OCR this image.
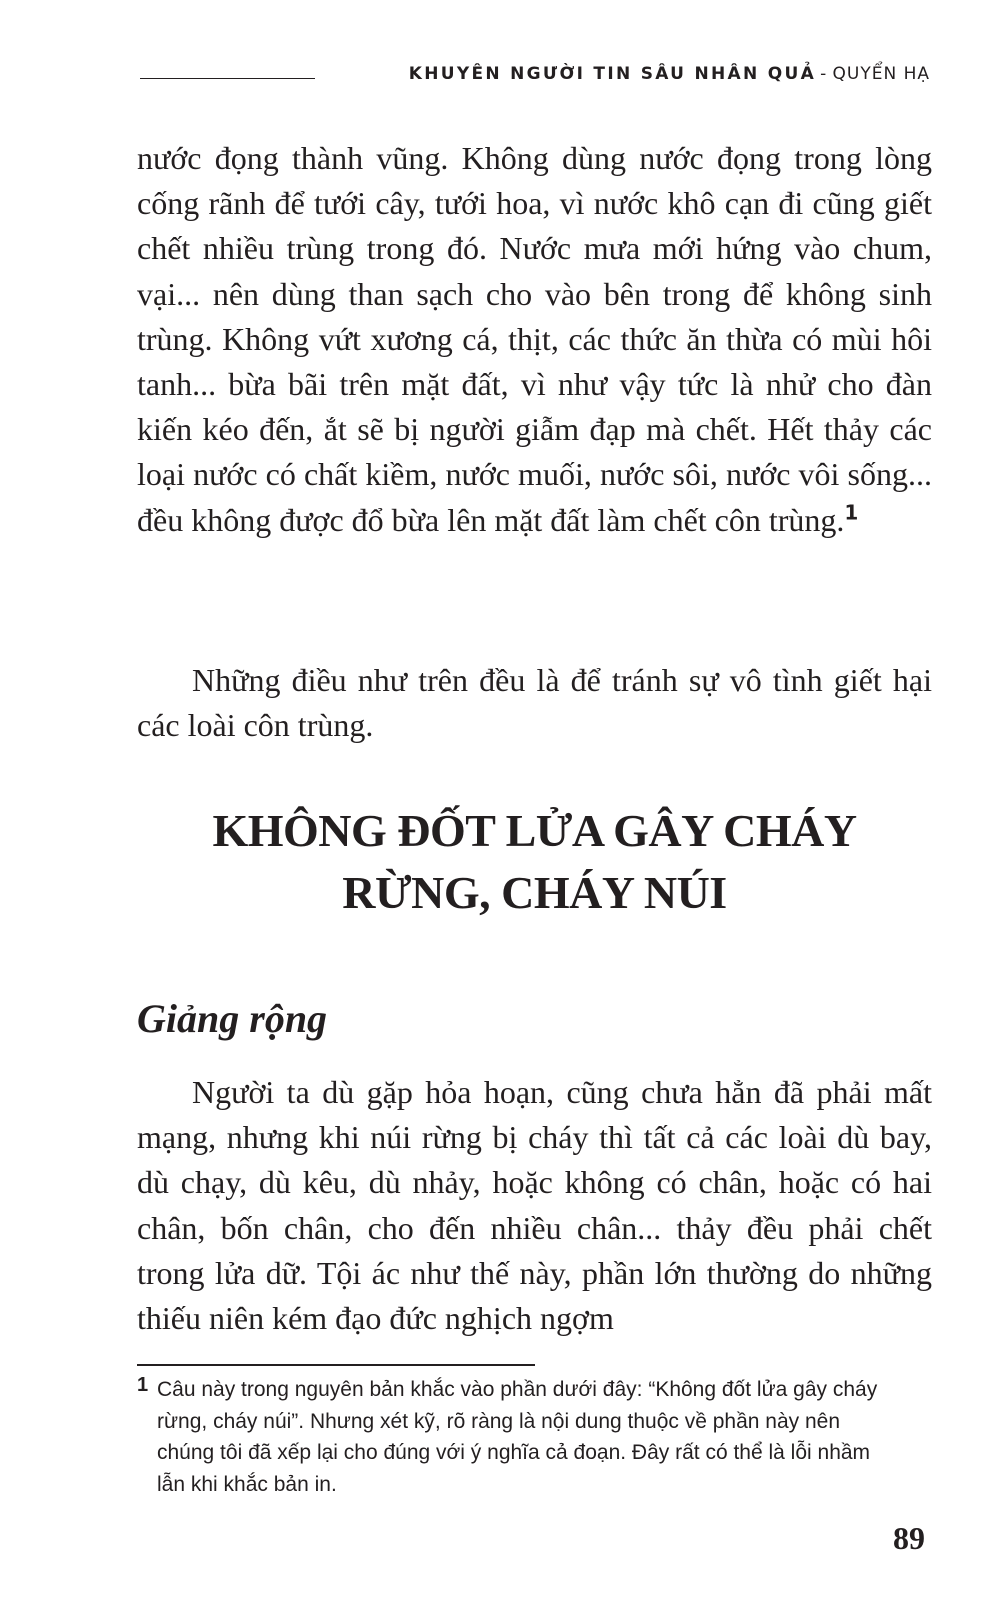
KHUYÊN NGƯỜI TIN SÂU NHÂN QUẢ - QUYỂN HẠ

nước đọng thành vũng. Không dùng nước đọng trong lòng cống rãnh để tưới cây, tưới hoa, vì nước khô cạn đi cũng giết chết nhiều trùng trong đó. Nước mưa mới hứng vào chum, vại... nên dùng than sạch cho vào bên trong để không sinh trùng. Không vứt xương cá, thịt, các thức ăn thừa có mùi hôi tanh... bừa bãi trên mặt đất, vì như vậy tức là nhử cho đàn kiến kéo đến, ắt sẽ bị người giẫm đạp mà chết. Hết thảy các loại nước có chất kiềm, nước muối, nước sôi, nước vôi sống... đều không được đổ bừa lên mặt đất làm chết côn trùng.$^1$

Những điều như trên đều là để tránh sự vô tình giết hại các loài côn trùng.

KHÔNG ĐỐT LỬA GÂY CHÁY
RỪNG, CHÁY NÚI
Giảng rộng

Người ta dù gặp hỏa hoạn, cũng chưa hẳn đã phải mất mạng, nhưng khi núi rừng bị cháy thì tất cả các loài dù bay, dù chạy, dù kêu, dù nhảy, hoặc không có chân, hoặc có hai chân, bốn chân, cho đến nhiều chân... thảy đều phải chết trong lửa dữ. Tội ác như thế này, phần lớn thường do những thiếu niên kém đạo đức nghịch ngợm

1 Câu này trong nguyên bản khắc vào phần dưới đây: “Không đốt lửa gây cháy rừng, cháy núi”. Nhưng xét kỹ, rõ ràng là nội dung thuộc về phần này nên chúng tôi đã xếp lại cho đúng với ý nghĩa cả đoạn. Đây rất có thể là lỗi nhầm lẫn khi khắc bản in.
89
